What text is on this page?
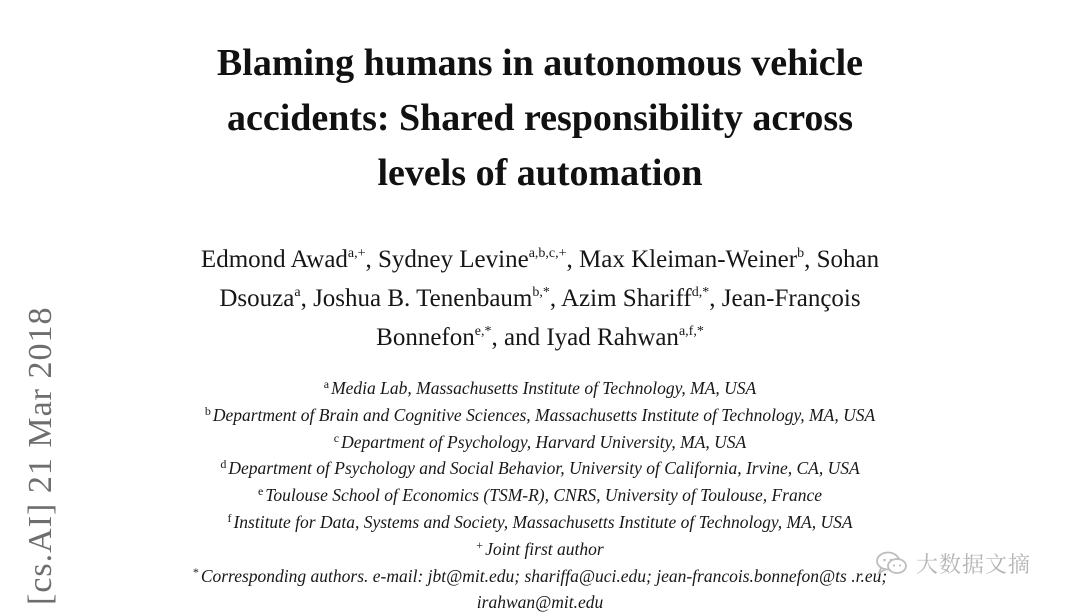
[cs.AI] 21 Mar 2018
Blaming humans in autonomous vehicle
accidents: Shared responsibility across
levels of automation
Edmond Awad$^{a,+}$, Sydney Levine$^{a,b,c,+}$, Max Kleiman-Weiner$^b$, Sohan
Dsouza$^a$, Joshua B. Tenenbaum$^{b,*}$, Azim Shariff$^{d,*}$, Jean-François
Bonnefon$^{e,*}$, and Iyad Rahwan$^{a,f,*}$
$^a$ Media Lab, Massachusetts Institute of Technology, MA, USA
$^b$ Department of Brain and Cognitive Sciences, Massachusetts Institute of Technology, MA, USA
$^c$ Department of Psychology, Harvard University, MA, USA
$^d$ Department of Psychology and Social Behavior, University of California, Irvine, CA, USA
$^e$ Toulouse School of Economics (TSM-R), CNRS, University of Toulouse, France
$^f$ Institute for Data, Systems and Society, Massachusetts Institute of Technology, MA, USA
+ Joint first author
* Corresponding authors. e-mail: jbt@mit.edu; shariffa@uci.edu; jean-francois.bonnefon@ts .r.eu;
irahwan@mit.edu
大数据文摘
